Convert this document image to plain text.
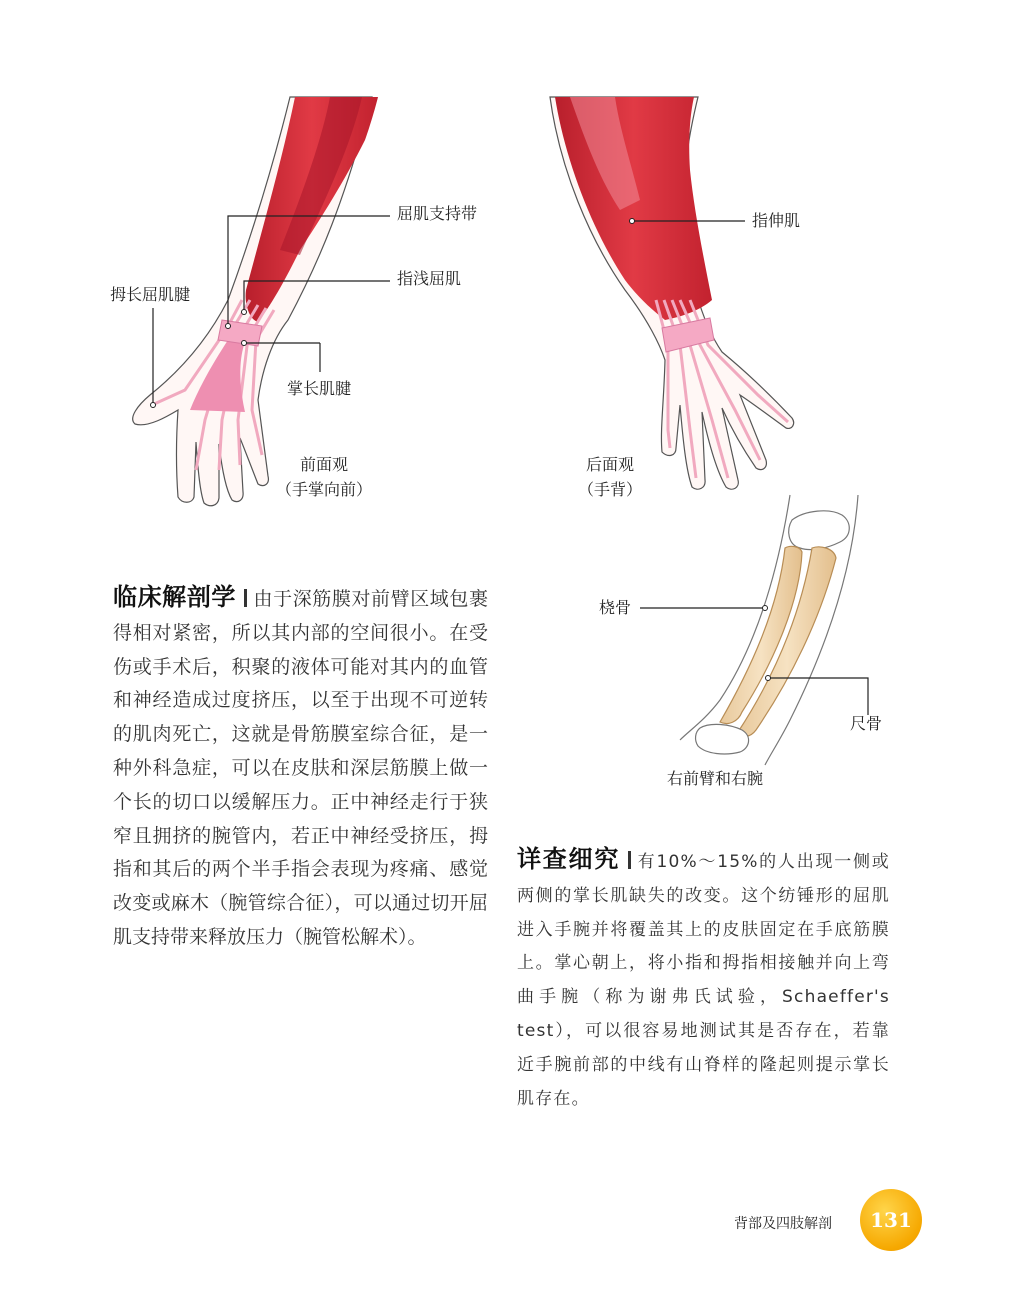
屈肌支持带
指浅屈肌
拇长屈肌腱
掌长肌腱
前面观
（手掌向前）
指伸肌
后面观
（手背）
桡骨
尺骨
右前臂和右腕
临床解剖学 由于深筋膜对前臂区域包裹得相对紧密，所以其内部的空间很小。在受伤或手术后，积聚的液体可能对其内的血管和神经造成过度挤压，以至于出现不可逆转的肌肉死亡，这就是骨筋膜室综合征，是一种外科急症，可以在皮肤和深层筋膜上做一个长的切口以缓解压力。正中神经走行于狭窄且拥挤的腕管内，若正中神经受挤压，拇指和其后的两个半手指会表现为疼痛、感觉改变或麻木（腕管综合征），可以通过切开屈肌支持带来释放压力（腕管松解术）。
详查细究 有10%～15%的人出现一侧或两侧的掌长肌缺失的改变。这个纺锤形的屈肌进入手腕并将覆盖其上的皮肤固定在手底筋膜上。掌心朝上，将小指和拇指相接触并向上弯曲手腕（称为谢弗氏试验，Schaeffer's test），可以很容易地测试其是否存在，若靠近手腕前部的中线有山脊样的隆起则提示掌长肌存在。
背部及四肢解剖	131
